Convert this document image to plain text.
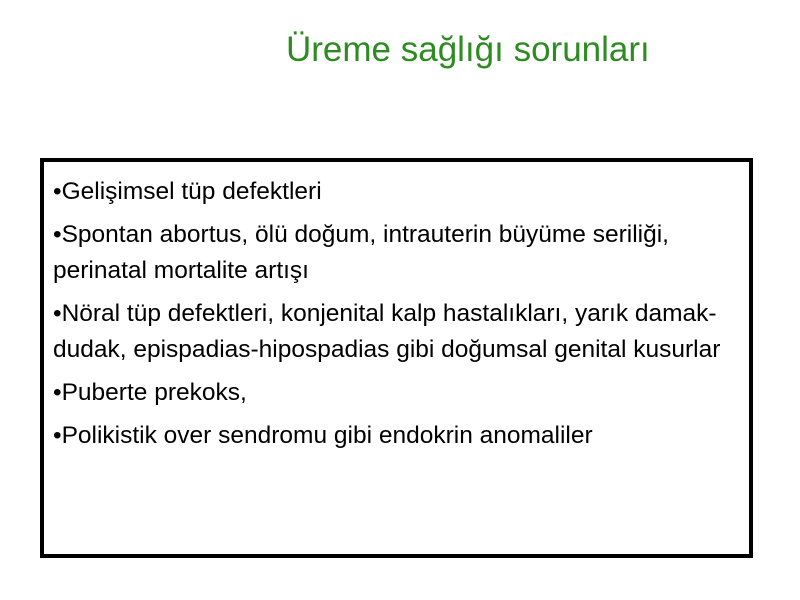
Üreme sağlığı sorunları
•Gelişimsel tüp defektleri
•Spontan abortus, ölü doğum, intrauterin büyüme seriliği, perinatal mortalite artışı
•Nöral tüp defektleri, konjenital kalp hastalıkları, yarık damak-dudak, epispadias-hipospadias gibi doğumsal genital kusurlar
•Puberte prekoks,
•Polikistik over sendromu gibi endokrin anomaliler
